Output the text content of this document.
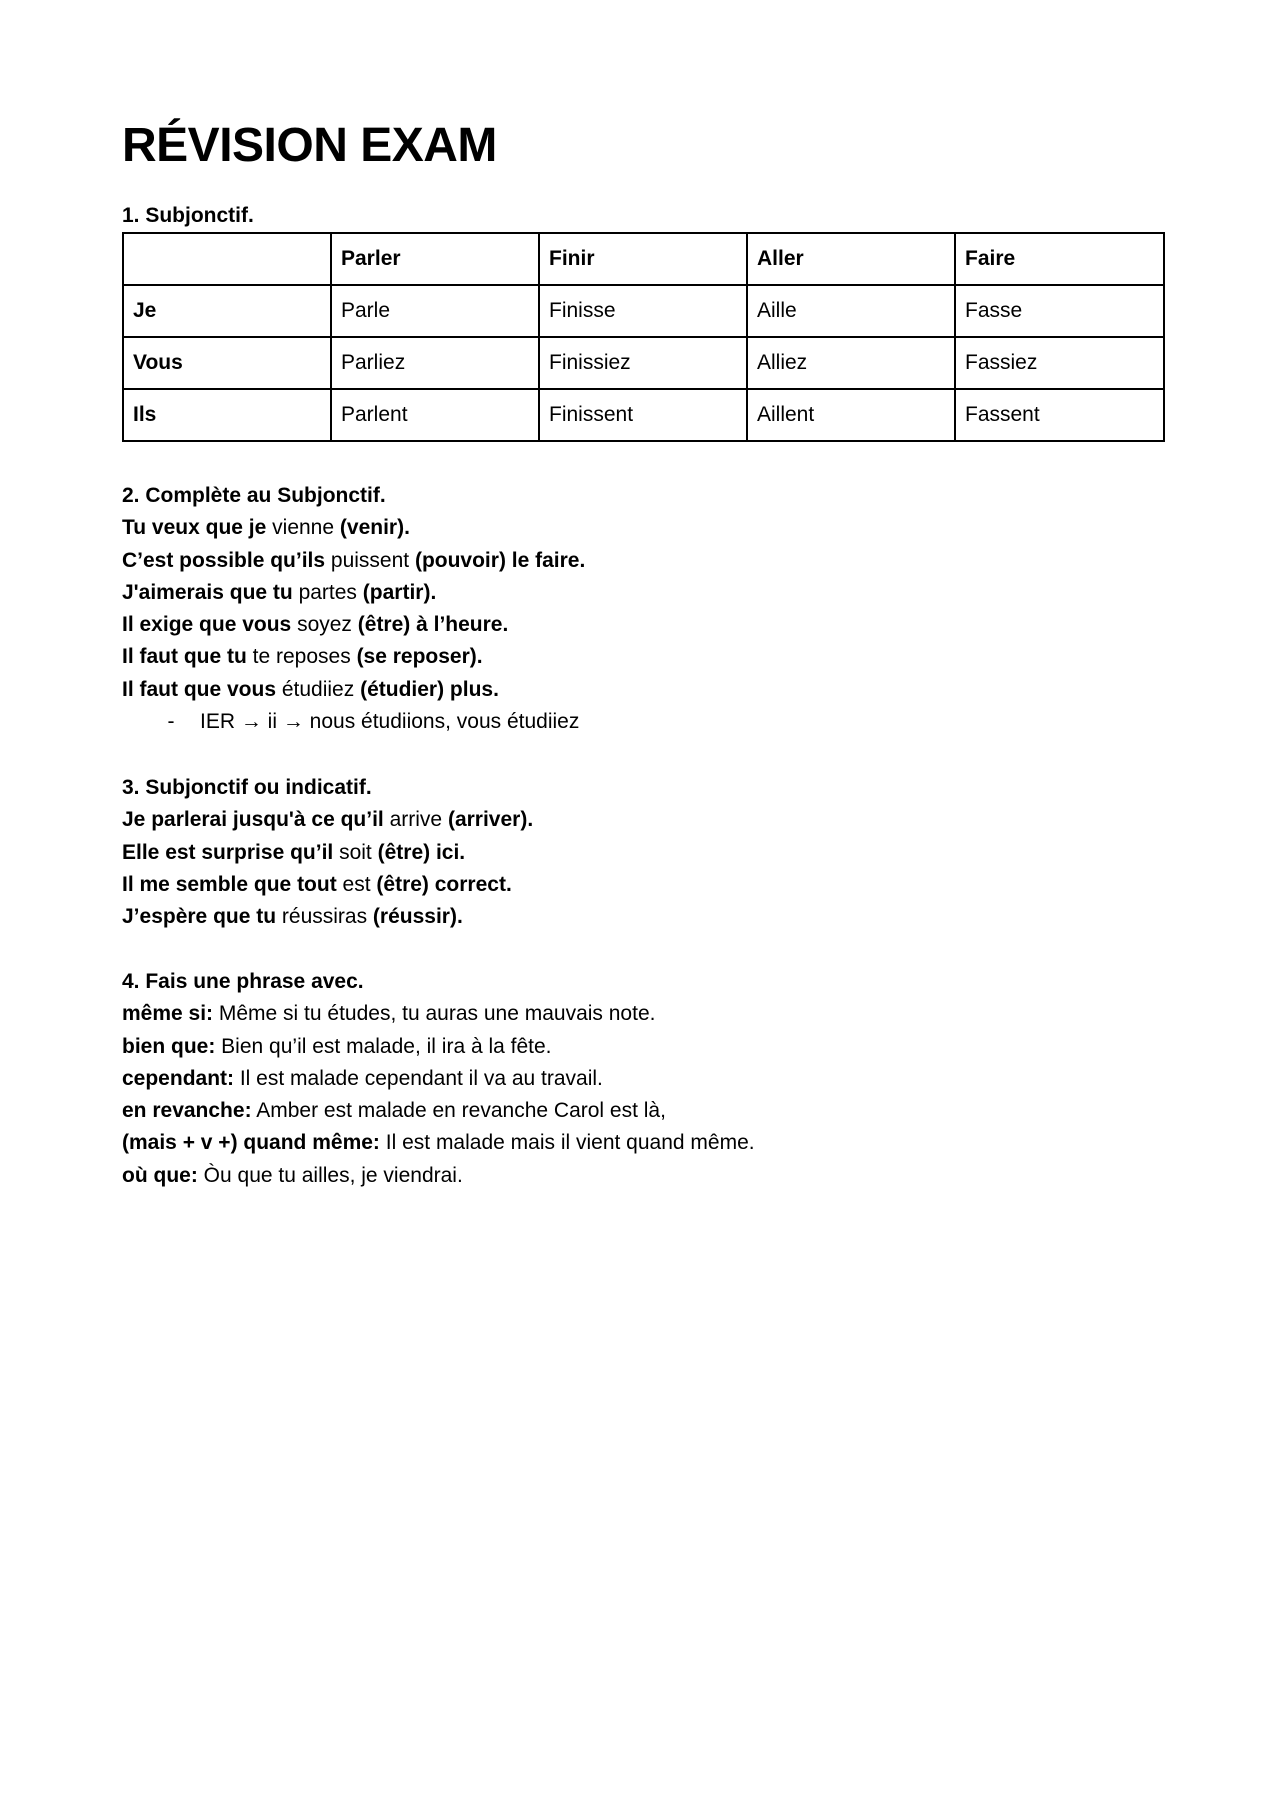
RÉVISION EXAM
1. Subjonctif.
	Parler	Finir	Aller	Faire
Je	Parle	Finisse	Aille	Fasse
Vous	Parliez	Finissiez	Alliez	Fassiez
Ils	Parlent	Finissent	Aillent	Fassent
2. Complète au Subjonctif.
Tu veux que je vienne (venir).
C’est possible qu’ils puissent (pouvoir) le faire.
J'aimerais que tu partes (partir).
Il exige que vous soyez (être) à l’heure.
Il faut que tu te reposes (se reposer).
Il faut que vous étudiiez (étudier) plus.
- IER → ii → nous étudiions, vous étudiiez
3. Subjonctif ou indicatif.
Je parlerai jusqu'à ce qu’il arrive (arriver).
Elle est surprise qu’il soit (être) ici.
Il me semble que tout est (être) correct.
J’espère que tu réussiras (réussir).
4. Fais une phrase avec.
même si: Même si tu études, tu auras une mauvais note.
bien que: Bien qu’il est malade, il ira à la fête.
cependant: Il est malade cependant il va au travail.
en revanche: Amber est malade en revanche Carol est là,
(mais + v +) quand même: Il est malade mais il vient quand même.
où que: Òu que tu ailles, je viendrai.
